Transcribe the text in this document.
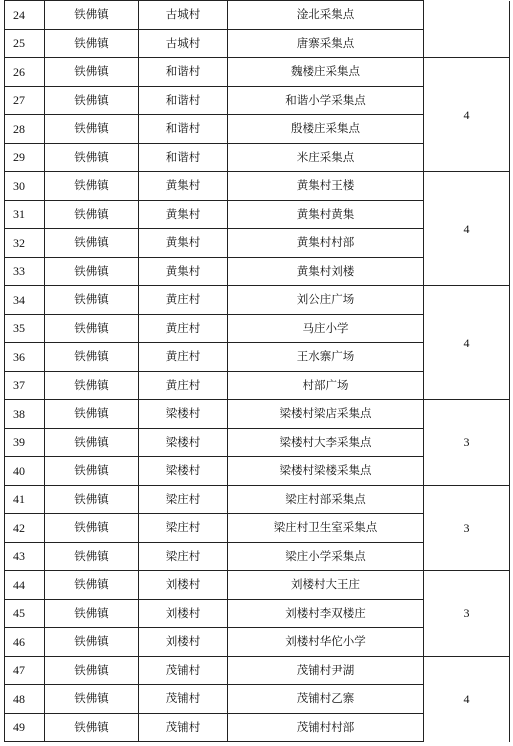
24	铁佛镇	古城村	淦北采集点	
25	铁佛镇	古城村	唐寨采集点	
26	铁佛镇	和谐村	魏楼庄采集点	4
27	铁佛镇	和谐村	和谐小学采集点	
28	铁佛镇	和谐村	殷楼庄采集点	
29	铁佛镇	和谐村	米庄采集点	
30	铁佛镇	黄集村	黄集村王楼	4
31	铁佛镇	黄集村	黄集村黄集	
32	铁佛镇	黄集村	黄集村村部	
33	铁佛镇	黄集村	黄集村刘楼	
34	铁佛镇	黄庄村	刘公庄广场	4
35	铁佛镇	黄庄村	马庄小学	
36	铁佛镇	黄庄村	王水寨广场	
37	铁佛镇	黄庄村	村部广场	
38	铁佛镇	梁楼村	梁楼村梁店采集点	3
39	铁佛镇	梁楼村	梁楼村大李采集点	
40	铁佛镇	梁楼村	梁楼村梁楼采集点	
41	铁佛镇	梁庄村	梁庄村部采集点	3
42	铁佛镇	梁庄村	梁庄村卫生室采集点	
43	铁佛镇	梁庄村	梁庄小学采集点	
44	铁佛镇	刘楼村	刘楼村大王庄	3
45	铁佛镇	刘楼村	刘楼村李双楼庄	
46	铁佛镇	刘楼村	刘楼村华佗小学	
47	铁佛镇	茂铺村	茂铺村尹湖	4
48	铁佛镇	茂铺村	茂铺村乙寨	
49	铁佛镇	茂铺村	茂铺村村部	
